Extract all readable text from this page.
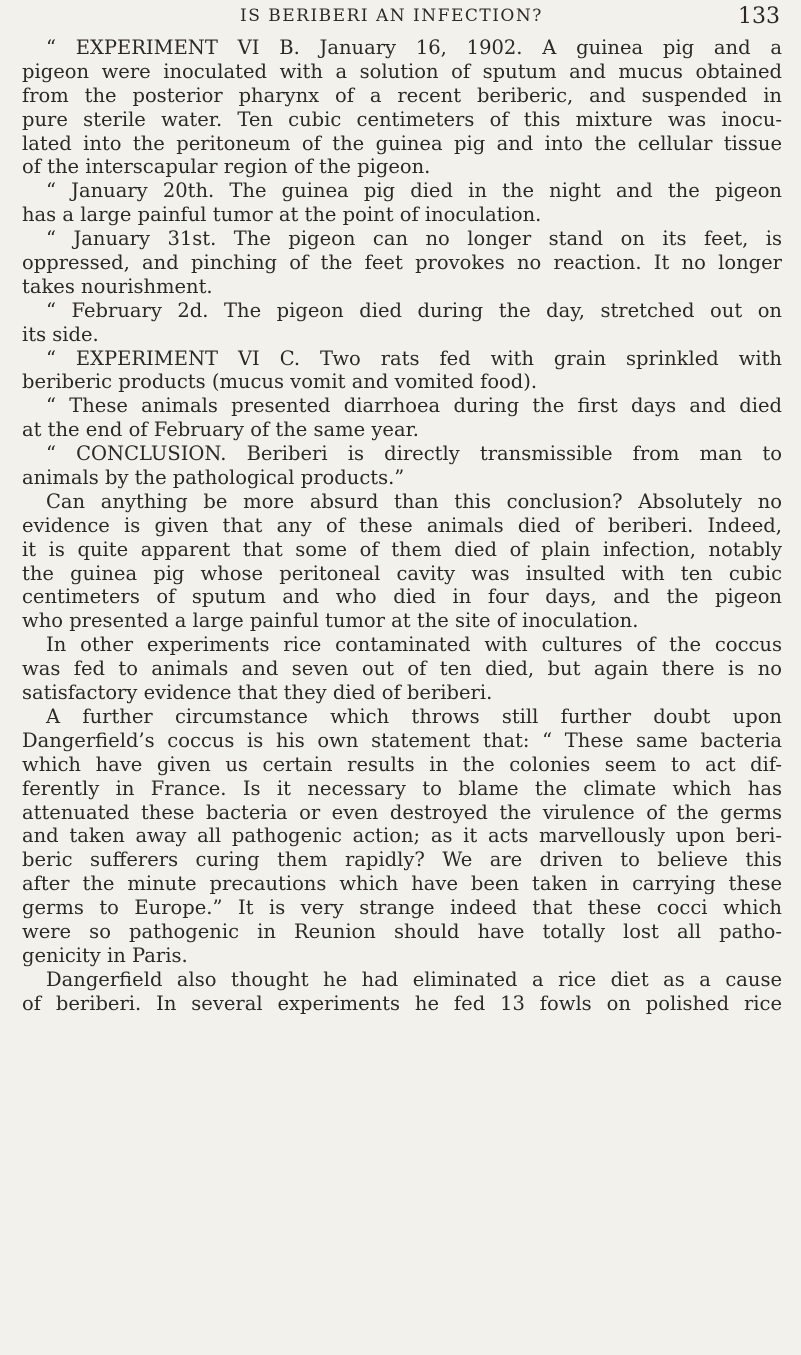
IS BERIBERI AN INFECTION?	133
“ EXPERIMENT VI B. January 16, 1902. A guinea pig and a
pigeon were inoculated with a solution of sputum and mucus obtained
from the posterior pharynx of a recent beriberic, and suspended in
pure sterile water. Ten cubic centimeters of this mixture was inocu-
lated into the peritoneum of the guinea pig and into the cellular tissue
of the interscapular region of the pigeon.
“ January 20th. The guinea pig died in the night and the pigeon
has a large painful tumor at the point of inoculation.
“ January 31st. The pigeon can no longer stand on its feet, is
oppressed, and pinching of the feet provokes no reaction. It no longer
takes nourishment.
“ February 2d. The pigeon died during the day, stretched out on
its side.
“ EXPERIMENT VI C. Two rats fed with grain sprinkled with
beriberic products (mucus vomit and vomited food).
“ These animals presented diarrhoea during the first days and died
at the end of February of the same year.
“ CONCLUSION. Beriberi is directly transmissible from man to
animals by the pathological products.”
Can anything be more absurd than this conclusion? Absolutely no
evidence is given that any of these animals died of beriberi. Indeed,
it is quite apparent that some of them died of plain infection, notably
the guinea pig whose peritoneal cavity was insulted with ten cubic
centimeters of sputum and who died in four days, and the pigeon
who presented a large painful tumor at the site of inoculation.
In other experiments rice contaminated with cultures of the coccus
was fed to animals and seven out of ten died, but again there is no
satisfactory evidence that they died of beriberi.
A further circumstance which throws still further doubt upon
Dangerfield’s coccus is his own statement that: “ These same bacteria
which have given us certain results in the colonies seem to act dif-
ferently in France. Is it necessary to blame the climate which has
attenuated these bacteria or even destroyed the virulence of the germs
and taken away all pathogenic action; as it acts marvellously upon beri-
beric sufferers curing them rapidly? We are driven to believe this
after the minute precautions which have been taken in carrying these
germs to Europe.” It is very strange indeed that these cocci which
were so pathogenic in Reunion should have totally lost all patho-
genicity in Paris.
Dangerfield also thought he had eliminated a rice diet as a cause
of beriberi. In several experiments he fed 13 fowls on polished rice
